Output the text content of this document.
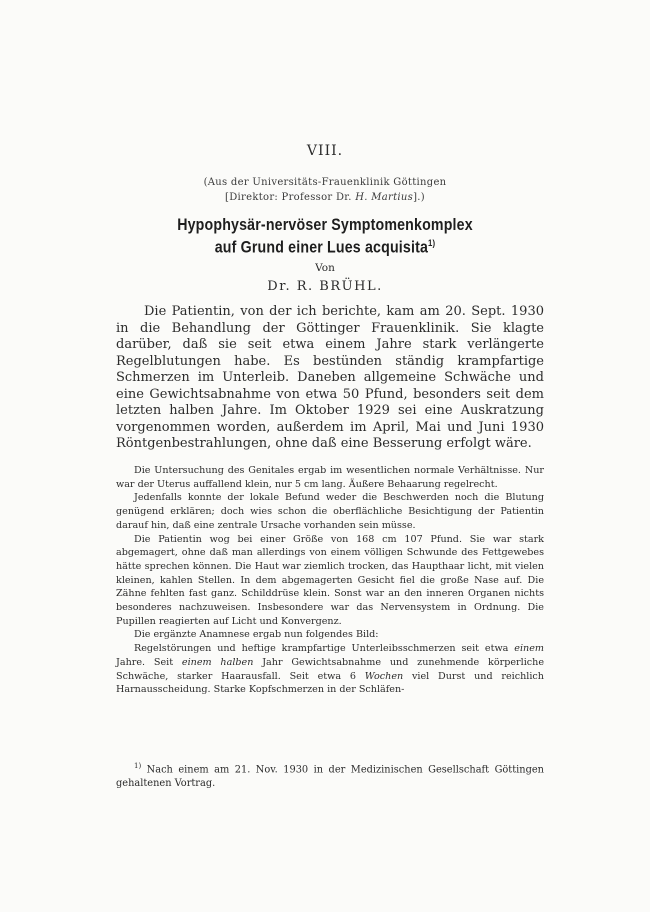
VIII.
(Aus der Universitäts-Frauenklinik Göttingen
[Direktor: Professor Dr. H. Martius].)
Hypophysär-nervöser Symptomenkomplex
auf Grund einer Lues acquisita$^{1)}$
Von
Dr. R. BRÜHL.

Die Patientin, von der ich berichte, kam am 20. Sept. 1930 in die Behandlung der Göttinger Frauenklinik. Sie klagte darüber, daß sie seit etwa einem Jahre stark verlängerte Regelblutungen habe. Es bestünden ständig krampfartige Schmerzen im Unterleib. Daneben allgemeine Schwäche und eine Gewichtsabnahme von etwa 50 Pfund, besonders seit dem letzten halben Jahre. Im Oktober 1929 sei eine Auskratzung vorgenommen worden, außerdem im April, Mai und Juni 1930 Röntgenbestrahlungen, ohne daß eine Besserung erfolgt wäre.

Die Untersuchung des Genitales ergab im wesentlichen normale Verhältnisse. Nur war der Uterus auffallend klein, nur 5 cm lang. Äußere Behaarung regelrecht.

Jedenfalls konnte der lokale Befund weder die Beschwerden noch die Blutung genügend erklären; doch wies schon die oberflächliche Besichtigung der Patientin darauf hin, daß eine zentrale Ursache vorhanden sein müsse.

Die Patientin wog bei einer Größe von 168 cm 107 Pfund. Sie war stark abgemagert, ohne daß man allerdings von einem völligen Schwunde des Fettgewebes hätte sprechen können. Die Haut war ziemlich trocken, das Haupthaar licht, mit vielen kleinen, kahlen Stellen. In dem abgemagerten Gesicht fiel die große Nase auf. Die Zähne fehlten fast ganz. Schilddrüse klein. Sonst war an den inneren Organen nichts besonderes nachzuweisen. Insbesondere war das Nervensystem in Ordnung. Die Pupillen reagierten auf Licht und Konvergenz.

Die ergänzte Anamnese ergab nun folgendes Bild:

Regelstörungen und heftige krampfartige Unterleibsschmerzen seit etwa einem Jahre. Seit einem halben Jahr Gewichtsabnahme und zunehmende körperliche Schwäche, starker Haarausfall. Seit etwa 6 Wochen viel Durst und reichlich Harnausscheidung. Starke Kopfschmerzen in der Schläfen-

$^{1)}$ Nach einem am 21. Nov. 1930 in der Medizinischen Gesellschaft Göttingen gehaltenen Vortrag.
